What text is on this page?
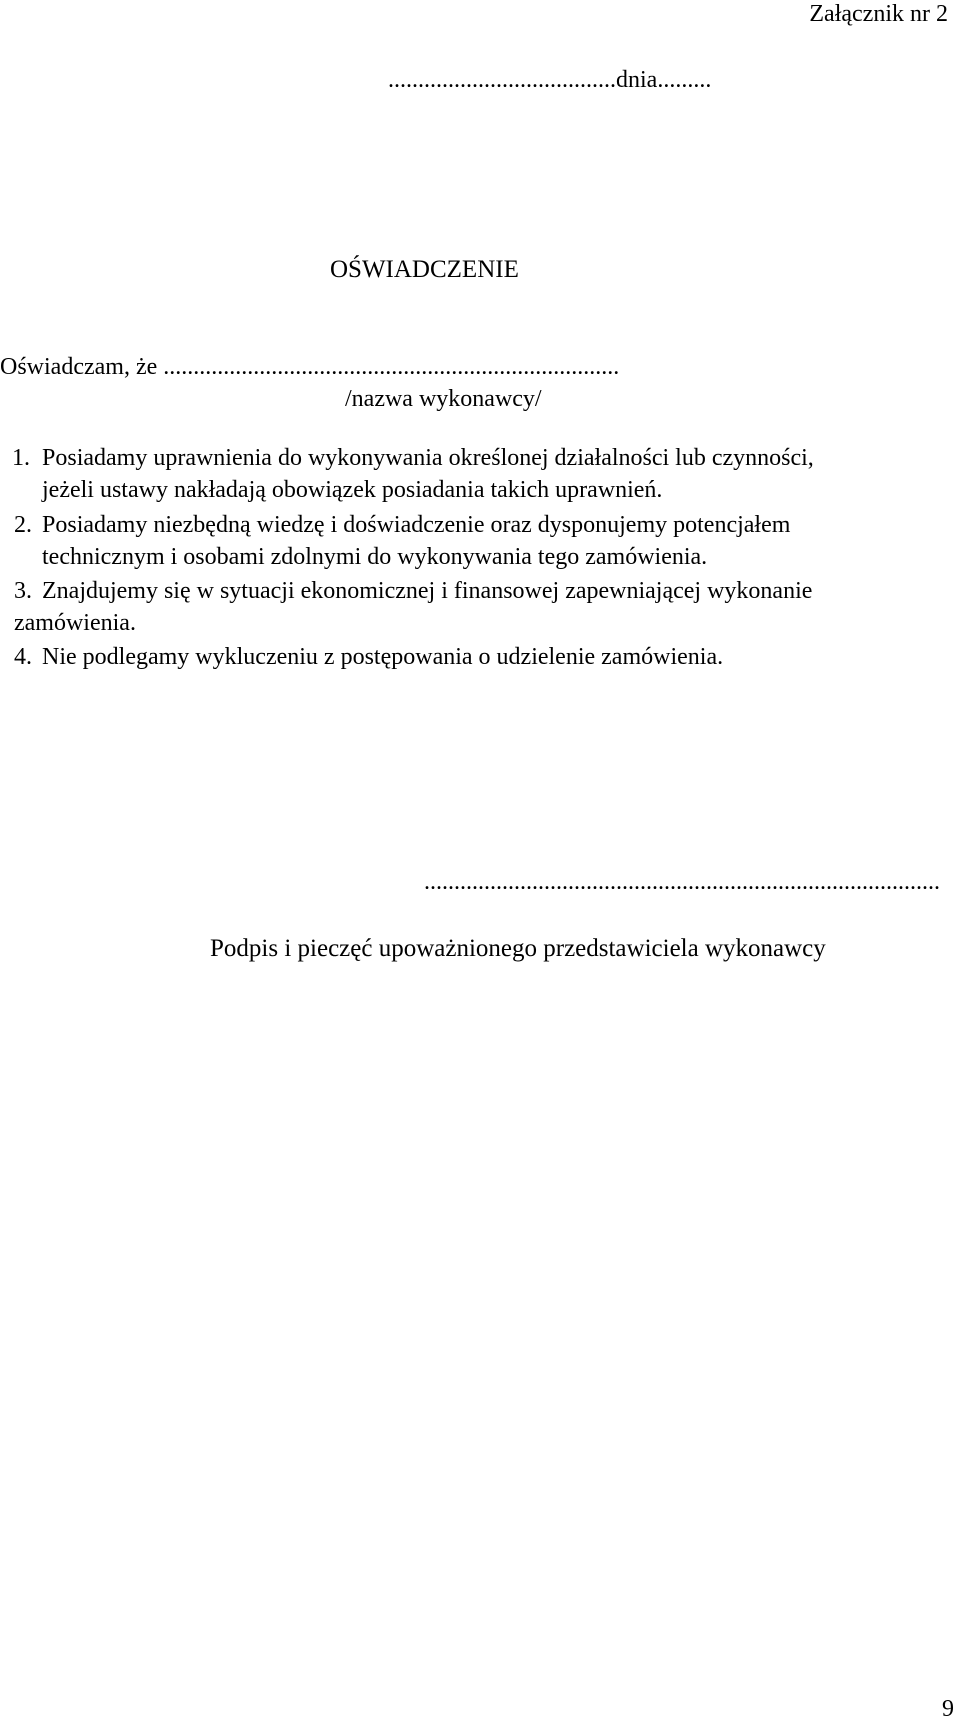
Załącznik nr 2
......................................dnia.........
OŚWIADCZENIE
Oświadczam, że ............................................................................
/nazwa wykonawcy/
1. Posiadamy uprawnienia do wykonywania określonej działalności lub czynności,
jeżeli ustawy nakładają obowiązek posiadania takich uprawnień.
2. Posiadamy niezbędną wiedzę i doświadczenie oraz dysponujemy potencjałem
technicznym i osobami zdolnymi do wykonywania tego zamówienia.
3. Znajdujemy się w sytuacji ekonomicznej i finansowej zapewniającej wykonanie
zamówienia.
4. Nie podlegamy wykluczeniu z postępowania o udzielenie zamówienia.
......................................................................................
Podpis i pieczęć upoważnionego przedstawiciela wykonawcy
9
